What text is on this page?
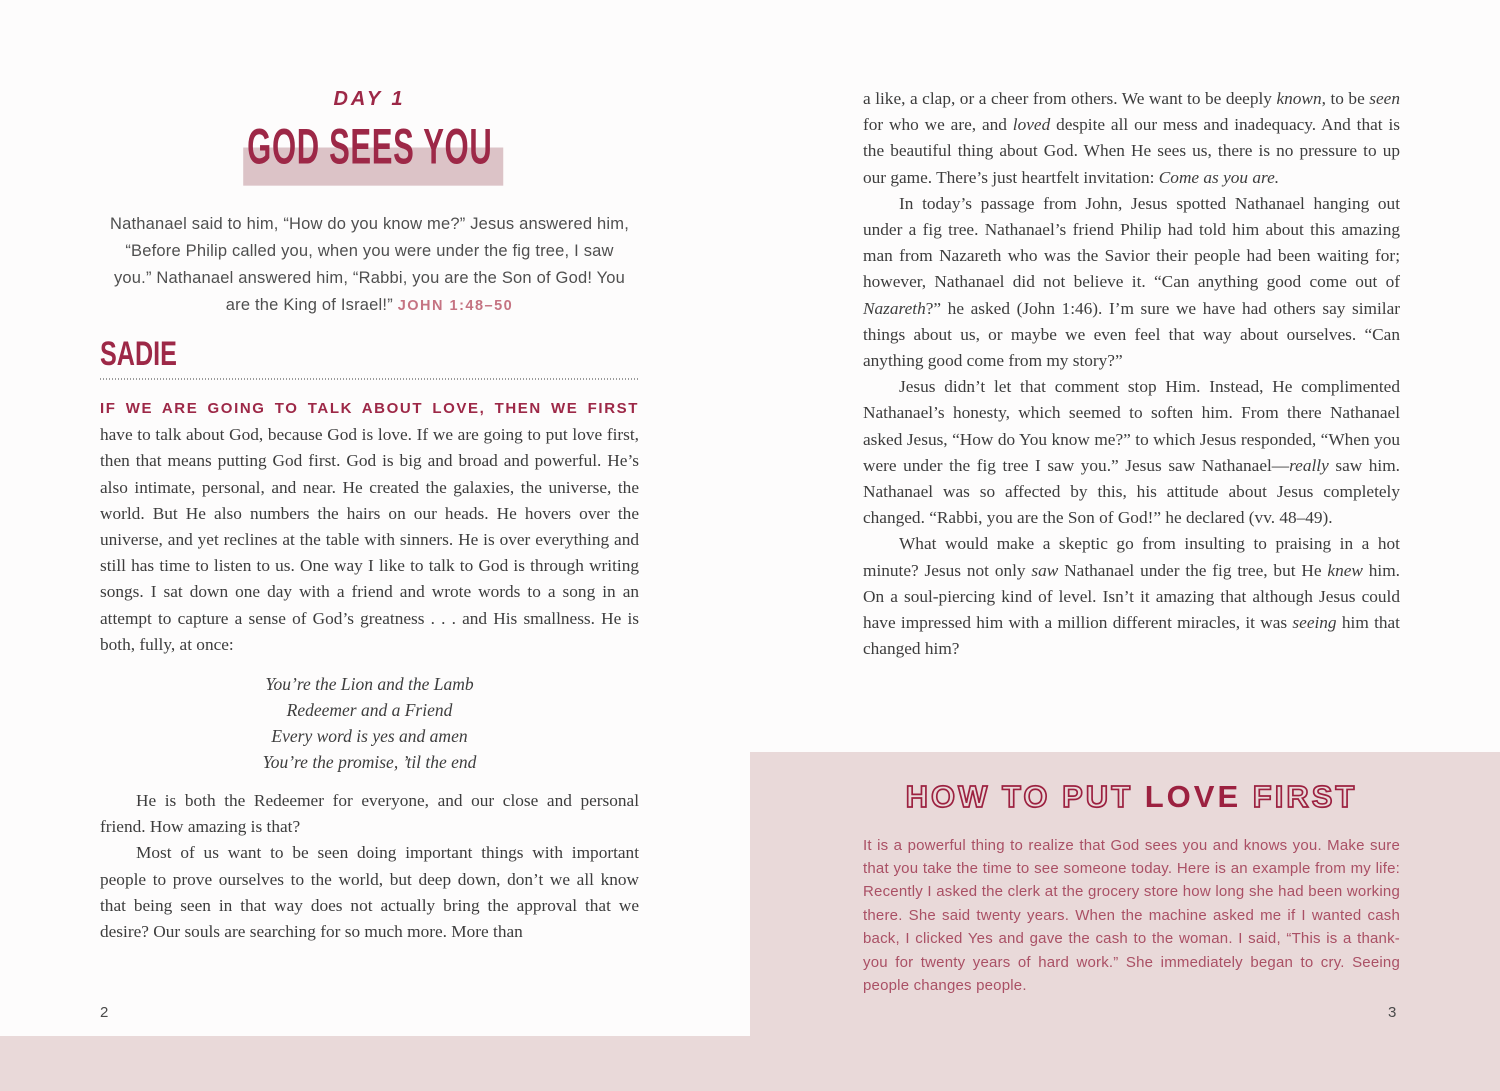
DAY 1
GOD SEES YOU
Nathanael said to him, “How do you know me?” Jesus answered him, “Before Philip called you, when you were under the fig tree, I saw you.” Nathanael answered him, “Rabbi, you are the Son of God! You are the King of Israel!” JOHN 1:48–50
SADIE

IF WE ARE GOING TO TALK ABOUT LOVE, THEN WE FIRST
have to talk about God, because God is love. If we are going to put love first, then that means putting God first. God is big and broad and powerful. He’s also intimate, personal, and near. He created the galaxies, the universe, the world. But He also numbers the hairs on our heads. He hovers over the universe, and yet reclines at the table with sinners. He is over everything and still has time to listen to us. One way I like to talk to God is through writing songs. I sat down one day with a friend and wrote words to a song in an attempt to capture a sense of God’s greatness . . . and His smallness. He is both, fully, at once:

You’re the Lion and the Lamb
Redeemer and a Friend
Every word is yes and amen
You’re the promise, ’til the end

He is both the Redeemer for everyone, and our close and personal friend. How amazing is that?

Most of us want to be seen doing important things with important people to prove ourselves to the world, but deep down, don’t we all know that being seen in that way does not actually bring the approval that we desire? Our souls are searching for so much more. More than

a like, a clap, or a cheer from others. We want to be deeply known, to be seen for who we are, and loved despite all our mess and inadequacy. And that is the beautiful thing about God. When He sees us, there is no pressure to up our game. There’s just heartfelt invitation: Come as you are.

In today’s passage from John, Jesus spotted Nathanael hanging out under a fig tree. Nathanael’s friend Philip had told him about this amazing man from Nazareth who was the Savior their people had been waiting for; however, Nathanael did not believe it. “Can anything good come out of Nazareth?” he asked (John 1:46). I’m sure we have had others say similar things about us, or maybe we even feel that way about ourselves. “Can anything good come from my story?”

Jesus didn’t let that comment stop Him. Instead, He complimented Nathanael’s honesty, which seemed to soften him. From there Nathanael asked Jesus, “How do You know me?” to which Jesus responded, “When you were under the fig tree I saw you.” Jesus saw Nathanael—really saw him. Nathanael was so affected by this, his attitude about Jesus completely changed. “Rabbi, you are the Son of God!” he declared (vv. 48–49).

What would make a skeptic go from insulting to praising in a hot minute? Jesus not only saw Nathanael under the fig tree, but He knew him. On a soul-piercing kind of level. Isn’t it amazing that although Jesus could have impressed him with a million different miracles, it was seeing him that changed him?

HOW TO PUT LOVE FIRST

It is a powerful thing to realize that God sees you and knows you. Make sure that you take the time to see someone today. Here is an example from my life: Recently I asked the clerk at the grocery store how long she had been working there. She said twenty years. When the machine asked me if I wanted cash back, I clicked Yes and gave the cash to the woman. I said, “This is a thank-you for twenty years of hard work.” She immediately began to cry. Seeing people changes people.

2	3
